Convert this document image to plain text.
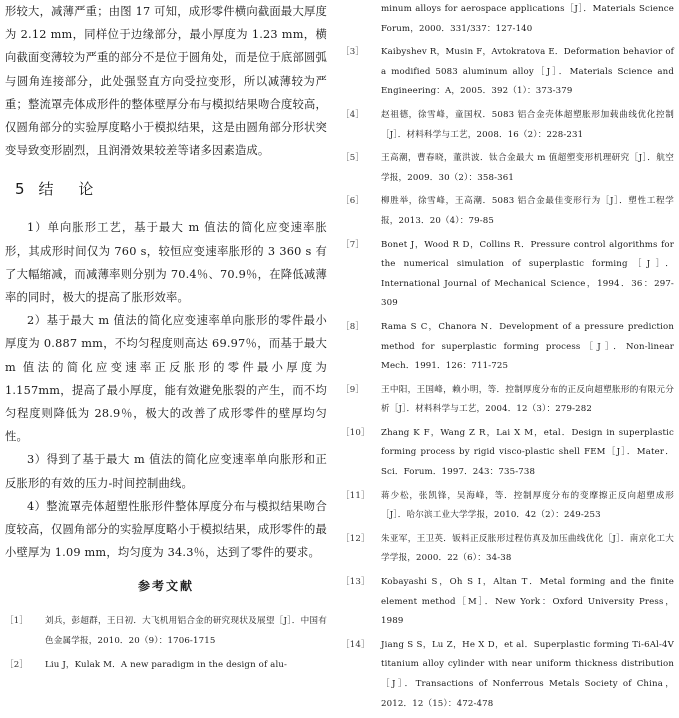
形较大，减薄严重；由图 17 可知，成形零件横向截面最大厚度为 2.12 mm，同样位于边缘部分，最小厚度为 1.23 mm，横向截面变薄较为严重的部分不是位于圆角处，而是位于底部圆弧与圆角连接部分，此处强竖直方向受拉变形，所以减薄较为严重；整流罩壳体成形件的整体壁厚分布与模拟结果吻合度较高，仅圆角部分的实验厚度略小于模拟结果，这是由圆角部分形状突变导致变形剧烈，且润滑效果较差等诸多因素造成。

5 结 论

1）单向胀形工艺，基于最大 m 值法的简化应变速率胀形，其成形时间仅为 760 s，较恒应变速率胀形的 3 360 s 有了大幅缩减，而减薄率则分别为 70.4％、70.9％，在降低减薄率的同时，极大的提高了胀形效率。

2）基于最大 m 值法的简化应变速率单向胀形的零件最小厚度为 0.887 mm，不均匀程度则高达 69.97％，而基于最大 m 值法的简化应变速率正反胀形的零件最小厚度为 1.157mm，提高了最小厚度，能有效避免胀裂的产生，而不均匀程度则降低为 28.9％，极大的改善了成形零件的壁厚均匀性。

3）得到了基于最大 m 值法的简化应变速率单向胀形和正反胀形的有效的压力-时间控制曲线。

4）整流罩壳体超塑性胀形件整体厚度分布与模拟结果吻合度较高，仅圆角部分的实验厚度略小于模拟结果，成形零件的最小壁厚为 1.09 mm，均匀度为 34.3％，达到了零件的要求。

参考文献
［1］	刘兵，彭超群，王日初．大飞机用铝合金的研究现状及展望［J］．中国有色金属学报，2010．20（9）：1706-1715
［2］	Liu J，Kulak M．A new paradigm in the design of alu-
minum alloys for aerospace applications［J］．Materials Science Forum，2000．331/337：127-140
［3］	Kaibyshev R，Musin F，Avtokratova E．Deformation behavior of a modified 5083 aluminum alloy［J］．Materials Science and Engineering：A，2005．392（1）：373-379
［4］	赵祖德，徐雪峰，童国权．5083 铝合金壳体超塑胀形加载曲线优化控制［J］．材料科学与工艺，2008．16（2）：228-231
［5］	王高潮，曹春晓，董洪波．钛合金最大 m 值超塑变形机理研究［J］．航空学报，2009．30（2）：358-361
［6］	柳胜举，徐雪峰，王高潮．5083 铝合金最佳变形行为［J］．塑性工程学报，2013．20（4）：79-85
［7］	Bonet J，Wood R D，Collins R．Pressure control algorithms for the numerical simulation of superplastic forming［J］．International Journal of Mechanical Science，1994．36：297-309
［8］	Rama S C，Chanora N．Development of a pressure prediction method for superplastic forming process［J］．Non-linear Mech．1991．126：711-725
［9］	王中阳，王国峰，赖小明，等．控制厚度分布的正反向超塑胀形的有限元分析［J］．材料科学与工艺，2004．12（3）：279-282
［10］	Zhang K F，Wang Z R，Lai X M，etal．Design in superplastic forming process by rigid visco-plastic shell FEM［J］．Mater．Sci．Forum．1997．243：735-738
［11］	蒋少松，张凯锋，吴海峰，等．控制厚度分布的变摩擦正反向超塑成形［J］．哈尔滨工业大学学报，2010．42（2）：249-253
［12］	朱亚军，王卫英．钣料正反胀形过程仿真及加压曲线优化［J］．南京化工大学学报，2000．22（6）：34-38
［13］	Kobayashi S，Oh S I，Altan T．Metal forming and the finite element method［M］．New York：Oxford University Press，1989
［14］	Jiang S S，Lu Z，He X D，et al．Superplastic forming Ti-6Al-4V titanium alloy cylinder with near uniform thickness distribution［J］．Transactions of Nonferrous Metals Society of China，2012．12（15）：472-478
